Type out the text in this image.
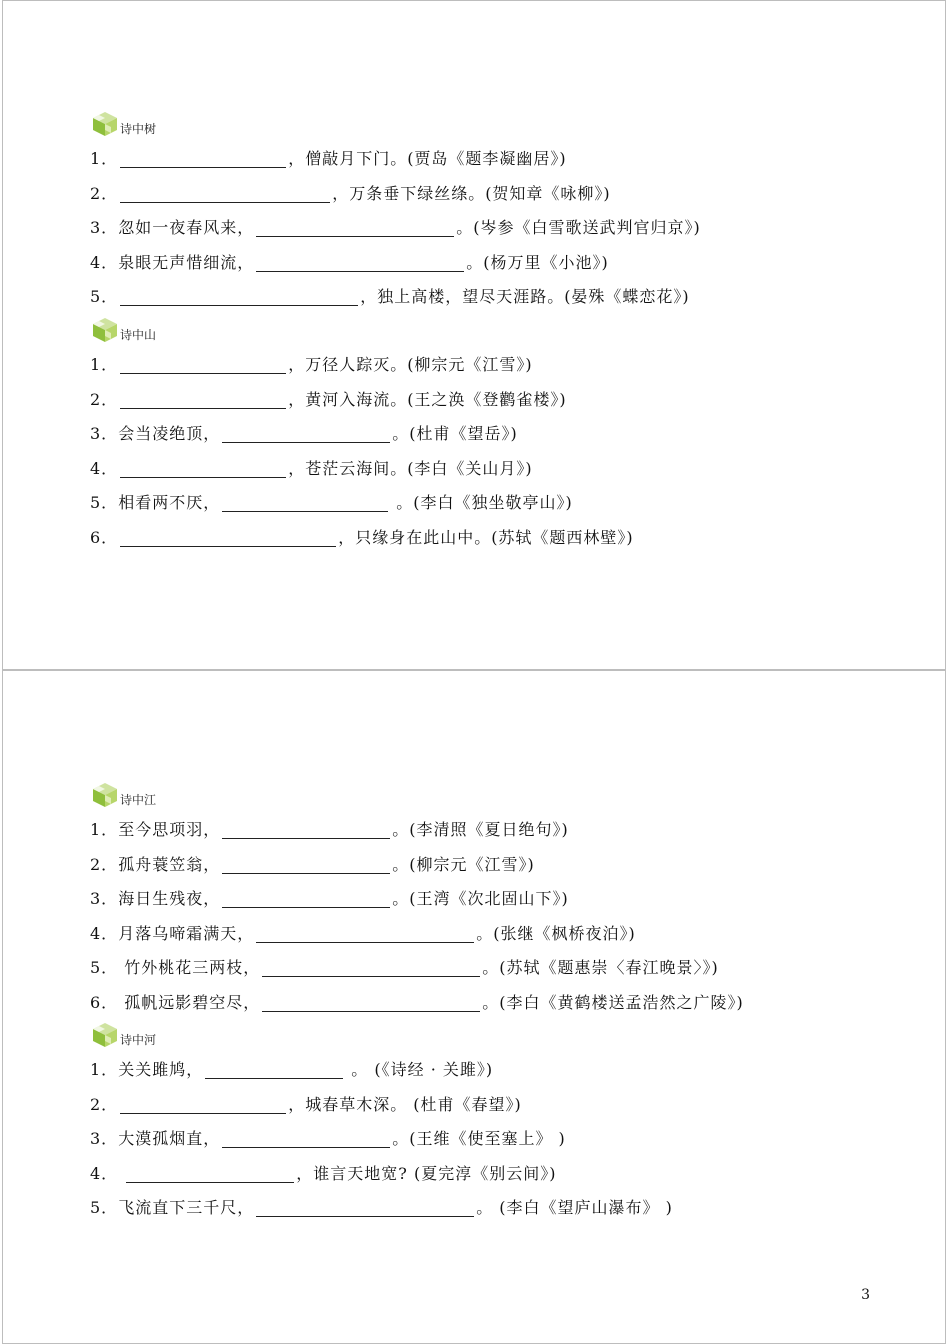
诗中树
1．	，僧敲月下门。(贾岛《题李凝幽居》)
2．	，万条垂下绿丝绦。(贺知章《咏柳》)
3．忽如一夜春风来，	。(岑参《白雪歌送武判官归京》)
4．泉眼无声惜细流，	。(杨万里《小池》)
5．	，独上高楼，望尽天涯路。(晏殊《蝶恋花》)
诗中山
1．	，万径人踪灭。(柳宗元《江雪》)
2．	，黄河入海流。(王之涣《登鹳雀楼》)
3．会当凌绝顶，	。(杜甫《望岳》)
4．	，苍茫云海间。(李白《关山月》)
5．相看两不厌，	。(李白《独坐敬亭山》)
6．	，只缘身在此山中。(苏轼《题西林壁》)
诗中江
1．至今思项羽，	。(李清照《夏日绝句》)
2．孤舟蓑笠翁，	。(柳宗元《江雪》)
3．海日生残夜，	。(王湾《次北固山下》)
4．月落乌啼霜满天，	。(张继《枫桥夜泊》)
5． 竹外桃花三两枝，	。(苏轼《题惠崇〈春江晚景〉》)
6． 孤帆远影碧空尽，	。(李白《黄鹤楼送孟浩然之广陵》)
诗中河
1．关关雎鸠，	。 (《诗经 · 关雎》)
2．	，城春草木深。 (杜甫《春望》)
3．大漠孤烟直，	。(王维《使至塞上》 )
4．	，谁言天地宽? (夏完淳《别云间》)
5．飞流直下三千尺，	。 (李白《望庐山瀑布》 )
3
